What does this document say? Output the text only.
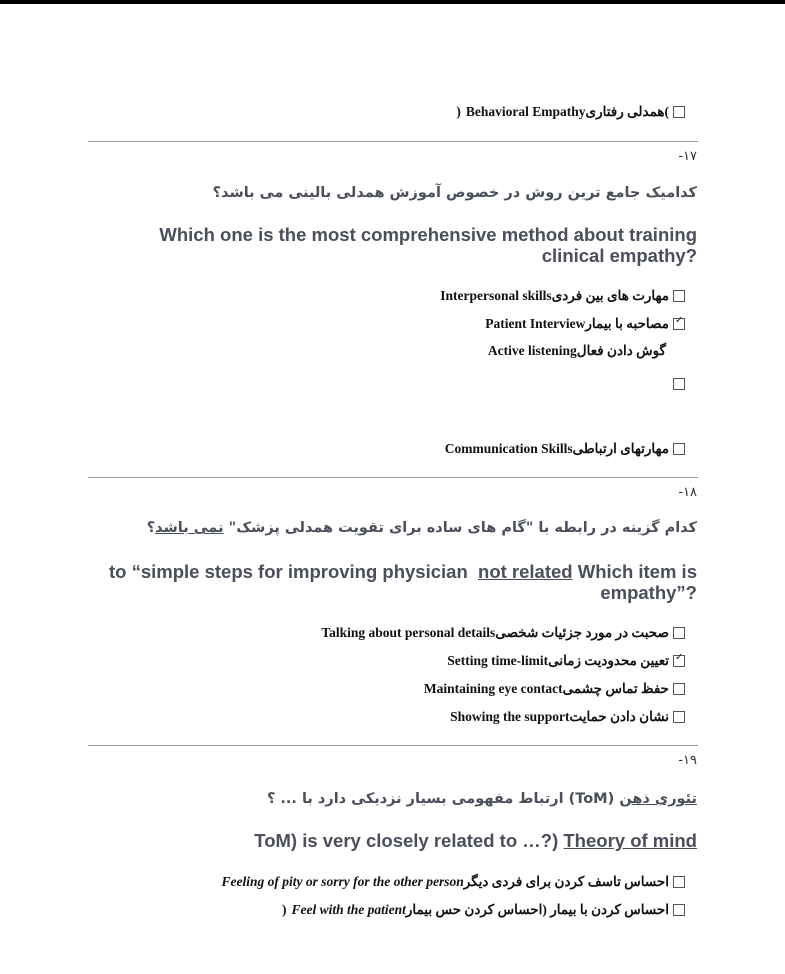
) Behavioral Empathyهمدلی رفتاری(
-۱۷
کدامیک جامع ترین روش در خصوص آموزش همدلی بالینی می باشد؟
Which one is the most comprehensive method about training clinical empathy?
مهارت های بین فردی
Interpersonal skills
✓
مصاحبه با بیمار
Patient Interview
گوش دادن فعال
Active listening
مهارتهای ارتباطی
Communication Skills
-۱۸
کدام گزینه در رابطه با "گام های ساده برای تقویت همدلی پزشک" نمی باشد؟
to “simple steps for improving physician not related Which item is empathy”?
صحبت در مورد جزئیات شخصی
Talking about personal details
✓
تعیین محدودیت زمانی
Setting time-limit
حفظ تماس چشمی
Maintaining eye contact
نشان دادن حمایت
Showing the support
-۱۹
تئوری ذهن (ToM) ارتباط مفهومی بسیار نزدیکی دارد با ... ؟
ToM) is very closely related to …?) Theory of mind
احساس تاسف کردن برای فردی دیگر
Feeling of pity or sorry for the other person
احساس کردن با بیمار (احساس کردن حس بیمار
Feel with the patient
)
